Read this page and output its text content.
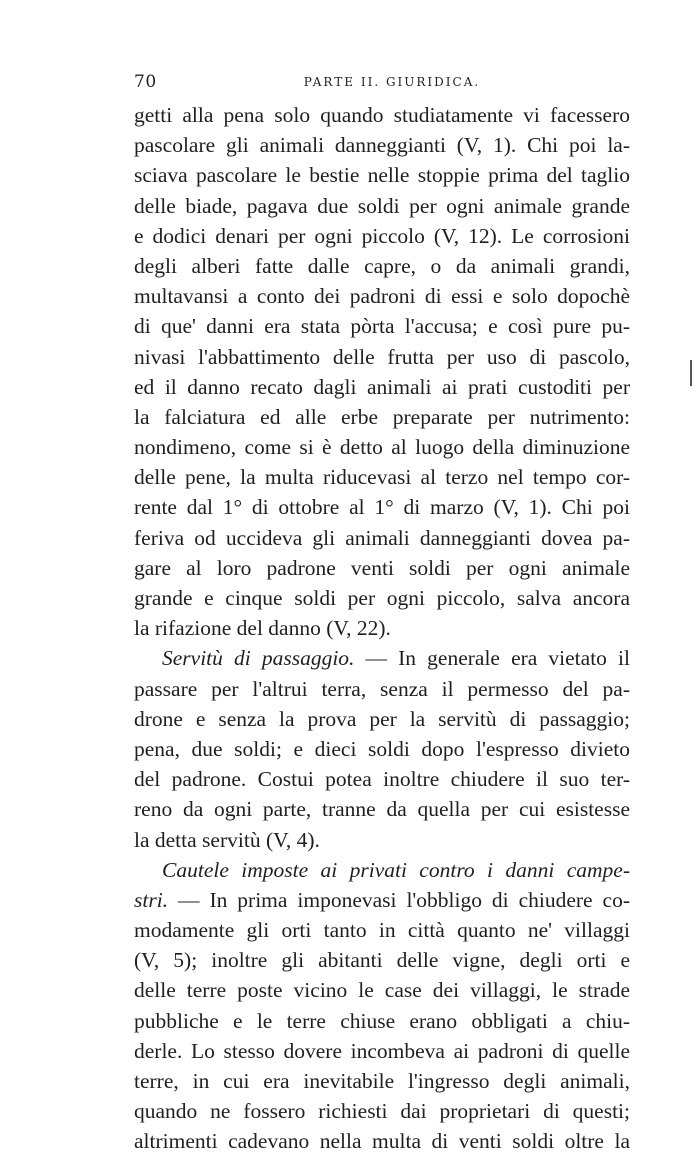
70	PARTE II. GIURIDICA.
getti alla pena solo quando studiatamente vi facessero
pascolare gli animali danneggianti (V, 1). Chi poi la-
sciava pascolare le bestie nelle stoppie prima del taglio
delle biade, pagava due soldi per ogni animale grande
e dodici denari per ogni piccolo (V, 12). Le corrosioni
degli alberi fatte dalle capre, o da animali grandi,
multavansi a conto dei padroni di essi e solo dopochè
di que' danni era stata pòrta l'accusa; e così pure pu-
nivasi l'abbattimento delle frutta per uso di pascolo,
ed il danno recato dagli animali ai prati custoditi per
la falciatura ed alle erbe preparate per nutrimento:
nondimeno, come si è detto al luogo della diminuzione
delle pene, la multa riducevasi al terzo nel tempo cor-
rente dal 1° di ottobre al 1° di marzo (V, 1). Chi poi
feriva od uccideva gli animali danneggianti dovea pa-
gare al loro padrone venti soldi per ogni animale
grande e cinque soldi per ogni piccolo, salva ancora
la rifazione del danno (V, 22).
Servitù di passaggio. — In generale era vietato il
passare per l'altrui terra, senza il permesso del pa-
drone e senza la prova per la servitù di passaggio;
pena, due soldi; e dieci soldi dopo l'espresso divieto
del padrone. Costui potea inoltre chiudere il suo ter-
reno da ogni parte, tranne da quella per cui esistesse
la detta servitù (V, 4).
Cautele imposte ai privati contro i danni campe-
stri. — In prima imponevasi l'obbligo di chiudere co-
modamente gli orti tanto in città quanto ne' villaggi
(V, 5); inoltre gli abitanti delle vigne, degli orti e
delle terre poste vicino le case dei villaggi, le strade
pubbliche e le terre chiuse erano obbligati a chiu-
derle. Lo stesso dovere incombeva ai padroni di quelle
terre, in cui era inevitabile l'ingresso degli animali,
quando ne fossero richiesti dai proprietari di questi;
altrimenti cadevano nella multa di venti soldi oltre la
